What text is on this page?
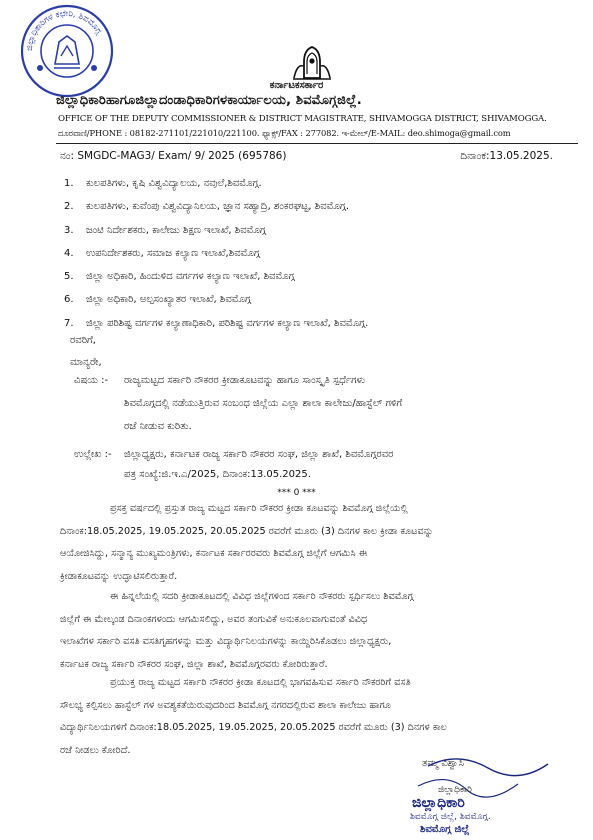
ಜಿಲ್ಲಾಧಿಕಾರಿಗಳ ಕಛೇರಿ, ಶಿವಮೊಗ್ಗ
ಕರ್ನಾಟಕಸರ್ಕಾರ
ಜಿಲ್ಲಾಧಿಕಾರಿಹಾಗೂಜಿಲ್ಲಾದಂಡಾಧಿಕಾರಿಗಳಕಾರ್ಯಾಲಯ, ಶಿವಮೊಗ್ಗಜಿಲ್ಲೆ.
OFFICE OF THE DEPUTY COMMISSIONER & DISTRICT MAGISTRATE, SHIVAMOGGA DISTRICT, SHIVAMOGGA.
ದೂರವಾಣಿ/PHONE : 08182-271101/221010/221100. ಫ್ಯಾಕ್ಸ್/FAX : 277082. ಇ-ಮೇಲ್/E-MAIL: deo.shimoga@gmail.com
ನಂ: SMGDC-MAG3/ Exam/ 9/ 2025 (695786)	ದಿನಾಂಕ:13.05.2025.
1.	ಕುಲಪತಿಗಳು, ಕೃಷಿ ವಿಶ್ವವಿದ್ಯಾಲಯ, ನವುಲೆ,ಶಿವಮೊಗ್ಗ.
2.	ಕುಲಪತಿಗಳು, ಕುವೆಂಪು ವಿಶ್ವವಿದ್ಯಾನಿಲಯ, ಜ್ಞಾನ ಸಹ್ಯಾದ್ರಿ, ಶಂಕರಘಟ್ಟ, ಶಿವಮೊಗ್ಗ.
3.	ಜಂಟಿ ನಿರ್ದೇಶಕರು, ಕಾಲೇಜು ಶಿಕ್ಷಣ ಇಲಾಖೆ, ಶಿವಮೊಗ್ಗ
4.	ಉಪನಿರ್ದೇಶಕರು, ಸಮಾಜ ಕಲ್ಯಾಣ ಇಲಾಖೆ,ಶಿವಮೊಗ್ಗ
5.	ಜಿಲ್ಲಾ ಅಧಿಕಾರಿ, ಹಿಂದುಳಿದ ವರ್ಗಗಳ ಕಲ್ಯಾಣ ಇಲಾಖೆ, ಶಿವಮೊಗ್ಗ
6.	ಜಿಲ್ಲಾ ಅಧಿಕಾರಿ, ಅಲ್ಪಸಂಖ್ಯಾತರ ಇಲಾಖೆ, ಶಿವಮೊಗ್ಗ
7.	ಜಿಲ್ಲಾ ಪರಿಶಿಷ್ಟ ವರ್ಗಗಳ ಕಲ್ಯಾಣಾಧಿಕಾರಿ, ಪರಿಶಿಷ್ಟ ವರ್ಗಗಳ ಕಲ್ಯಾಣ ಇಲಾಖೆ, ಶಿವಮೊಗ್ಗ.
ರವರಿಗೆ,
ಮಾನ್ಯರೇ,
ವಿಷಯ :- ರಾಜ್ಯಮಟ್ಟದ ಸರ್ಕಾರಿ ನೌಕರರ ಕ್ರೀಡಾಕೂಟವನ್ನು ಹಾಗೂ ಸಾಂಸ್ಕೃತಿ ಸ್ಪರ್ಧೆಗಳು
ಶಿವಮೊಗ್ಗದಲ್ಲಿ ನಡೆಯುತ್ತಿರುವ ಸಂಬಂಧ ಜಿಲ್ಲೆಯ ಎಲ್ಲಾ ಶಾಲಾ ಕಾಲೇಜು/ಹಾಸ್ಟೆಲ್ ಗಳಿಗೆ
ರಜೆ ನೀಡುವ ಕುರಿತು.
ಉಲ್ಲೇಖ :- ಜಿಲ್ಲಾಧ್ಯಕ್ಷರು, ಕರ್ನಾಟಕ ರಾಜ್ಯ ಸರ್ಕಾರಿ ನೌಕರರ ಸಂಘ, ಜಿಲ್ಲಾ ಶಾಖೆ, ಶಿವಮೊಗ್ಗರವರ
ಪತ್ರ ಸಂಖ್ಯೆ:ಜಿ.ಇ.ಎ/2025, ದಿನಾಂಕ:13.05.2025.
*** 0 ***
ಪ್ರಸಕ್ತ ವರ್ಷದಲ್ಲಿ ಪ್ರಸ್ತುತ ರಾಜ್ಯ ಮಟ್ಟದ ಸರ್ಕಾರಿ ನೌಕರರ ಕ್ರೀಡಾ ಕೂಟವನ್ನು ಶಿವಮೊಗ್ಗ ಜಿಲ್ಲೆಯಲ್ಲಿ
ದಿನಾಂಕ:18.05.2025, 19.05.2025, 20.05.2025 ರವರೆಗೆ ಮೂರು (3) ದಿನಗಳ ಕಾಲ ಕ್ರೀಡಾ ಕೂಟವನ್ನು
ಆಯೋಜಿಸಿದ್ದು, ಸನ್ಮಾನ್ಯ ಮುಖ್ಯಮಂತ್ರಿಗಳು, ಕರ್ನಾಟಕ ಸರ್ಕಾರರವರು ಶಿವಮೊಗ್ಗ ಜಿಲ್ಲೆಗೆ ಆಗಮಿಸಿ ಈ
ಕ್ರೀಡಾಕೂಟವನ್ನು ಉದ್ಘಾಟಿಸಲಿರುತ್ತಾರೆ.
ಈ ಹಿನ್ನಲೆಯಲ್ಲಿ ಸದರಿ ಕ್ರೀಡಾಕೂಟದಲ್ಲಿ ವಿವಿಧ ಜಿಲ್ಲೆಗಳಿಂದ ಸರ್ಕಾರಿ ನೌಕರರು ಸ್ಪರ್ಧಿಸಲು ಶಿವಮೊಗ್ಗ
ಜಿಲ್ಲೆಗೆ ಈ ಮೇಲ್ಕಂಡ ದಿನಾಂಕಗಳಂದು ಆಗಮಿಸಲಿದ್ದು, ಅವರ ತಂಗುವಿಕೆ ಅನುಕೂಲವಾಗುವಂತೆ ವಿವಿಧ
ಇಲಾಖೆಗಳ ಸರ್ಕಾರಿ ವಸತಿ ವಸತಿಗೃಹಗಳನ್ನು ಮತ್ತು ವಿದ್ಯಾರ್ಥಿನಿಲಯಗಳನ್ನು ಕಾಯ್ದಿರಿಸಿಕೊಡಲು ಜಿಲ್ಲಾಧ್ಯಕ್ಷರು,
ಕರ್ನಾಟಕ ರಾಜ್ಯ ಸರ್ಕಾರಿ ನೌಕರರ ಸಂಘ, ಜಿಲ್ಲಾ ಶಾಖೆ, ಶಿವಮೊಗ್ಗರವರು ಕೋರಿರುತ್ತಾರೆ.
ಪ್ರಯುಕ್ತ ರಾಜ್ಯ ಮಟ್ಟದ ಸರ್ಕಾರಿ ನೌಕರರ ಕ್ರೀಡಾ ಕೂಟದಲ್ಲಿ ಭಾಗವಹಿಸುವ ಸರ್ಕಾರಿ ನೌಕರರಿಗೆ ವಸತಿ
ಸೌಲಭ್ಯ ಕಲ್ಪಿಸಲು ಹಾಸ್ಟೆಲ್ ಗಳ ಅವಶ್ಯಕತೆಯಿರುವುದರಿಂದ ಶಿವಮೊಗ್ಗ ನಗರದಲ್ಲಿರುವ ಶಾಲಾ ಕಾಲೇಜು ಹಾಗೂ
ವಿದ್ಯಾರ್ಥಿನಿಲಯಗಳಿಗೆ ದಿನಾಂಕ:18.05.2025, 19.05.2025, 20.05.2025 ರವರೆಗೆ ಮೂರು (3) ದಿನಗಳ ಕಾಲ
ರಜೆ ನೀಡಲು ಕೋರಿದೆ.
ತಮ್ಮ ವಿಶ್ವಾಸಿ
ಜಿಲ್ಲಾಧಿಕಾರಿ
ಜಿಲ್ಲಾಧಿಕಾರಿ
ಶಿವಮೊಗ್ಗ ಜಿಲ್ಲೆ, ಶಿವಮೊಗ್ಗ.
ಶಿವಮೊಗ್ಗ ಜಿಲ್ಲೆ
